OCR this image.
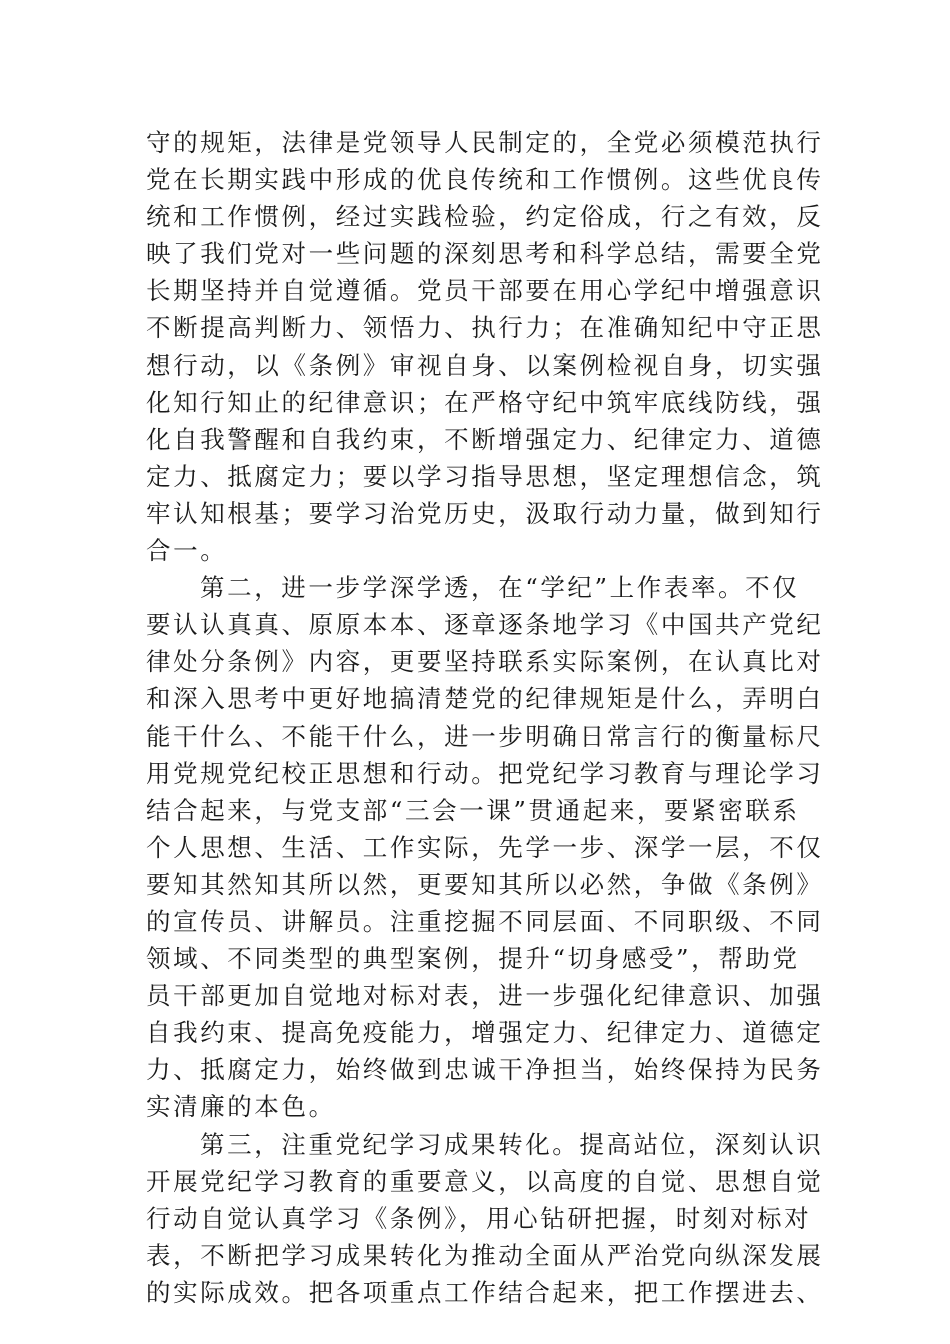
守的规矩，法律是党领导人民制定的，全党必须模范执行
党在长期实践中形成的优良传统和工作惯例。这些优良传
统和工作惯例，经过实践检验，约定俗成，行之有效，反
映了我们党对一些问题的深刻思考和科学总结，需要全党
长期坚持并自觉遵循。党员干部要在用心学纪中增强意识
不断提高判断力、领悟力、执行力；在准确知纪中守正思
想行动，以《条例》审视自身、以案例检视自身，切实强
化知行知止的纪律意识；在严格守纪中筑牢底线防线，强
化自我警醒和自我约束，不断增强定力、纪律定力、道德
定力、抵腐定力；要以学习指导思想，坚定理想信念，筑
牢认知根基；要学习治党历史，汲取行动力量，做到知行
合一。
第二，进一步学深学透，在“学纪”上作表率。不仅
要认认真真、原原本本、逐章逐条地学习《中国共产党纪
律处分条例》内容，更要坚持联系实际案例，在认真比对
和深入思考中更好地搞清楚党的纪律规矩是什么，弄明白
能干什么、不能干什么，进一步明确日常言行的衡量标尺
用党规党纪校正思想和行动。把党纪学习教育与理论学习
结合起来，与党支部“三会一课”贯通起来，要紧密联系
个人思想、生活、工作实际，先学一步、深学一层，不仅
要知其然知其所以然，更要知其所以必然，争做《条例》
的宣传员、讲解员。注重挖掘不同层面、不同职级、不同
领域、不同类型的典型案例，提升“切身感受”，帮助党
员干部更加自觉地对标对表，进一步强化纪律意识、加强
自我约束、提高免疫能力，增强定力、纪律定力、道德定
力、抵腐定力，始终做到忠诚干净担当，始终保持为民务
实清廉的本色。
第三，注重党纪学习成果转化。提高站位，深刻认识
开展党纪学习教育的重要意义，以高度的自觉、思想自觉
行动自觉认真学习《条例》，用心钻研把握，时刻对标对
表，不断把学习成果转化为推动全面从严治党向纵深发展
的实际成效。把各项重点工作结合起来，把工作摆进去、
